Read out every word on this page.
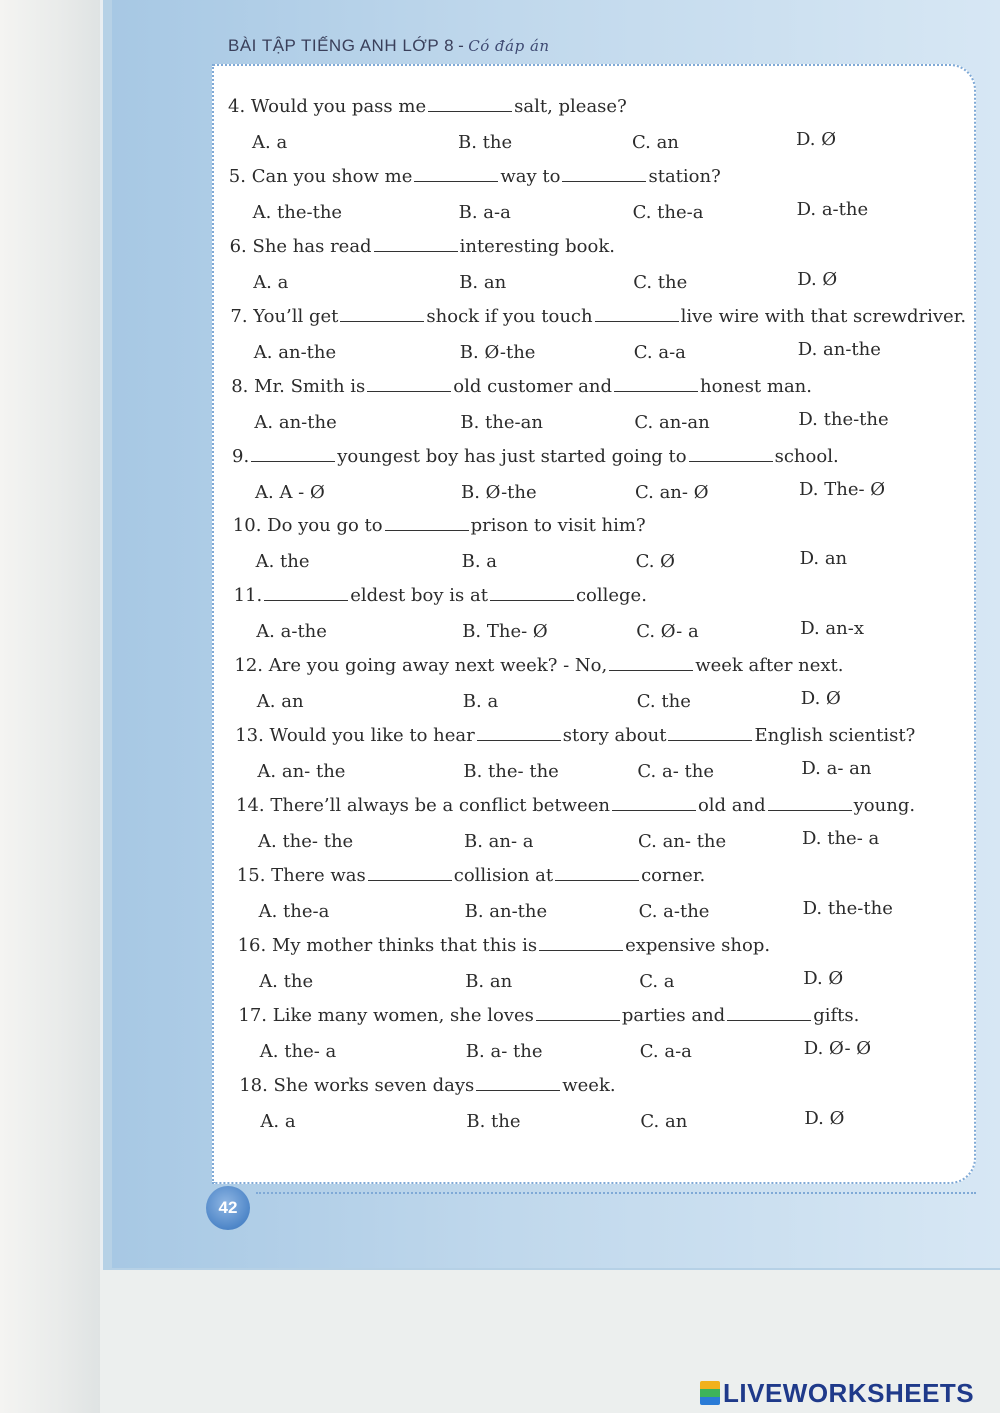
BÀI TẬP TIẾNG ANH LỚP 8 - Có đáp án
4. Would you pass me	salt, please?
A. a	B. the	C. an	D. Ø
5. Can you show me	way to	station?
A. the-the	B. a-a	C. the-a	D. a-the
6. She has read	interesting book.
A. a	B. an	C. the	D. Ø
7. You’ll get	shock if you touch	live wire with that screwdriver.
A. an-the	B. Ø-the	C. a-a	D. an-the
8. Mr. Smith is	old customer and	honest man.
A. an-the	B. the-an	C. an-an	D. the-the
9.	youngest boy has just started going to	school.
A. A - Ø	B. Ø-the	C. an- Ø	D. The- Ø
10. Do you go to	prison to visit him?
A. the	B. a	C. Ø	D. an
11.	eldest boy is at	college.
A. a-the	B. The- Ø	C. Ø- a	D. an-x
12. Are you going away next week? - No,	week after next.
A. an	B. a	C. the	D. Ø
13. Would you like to hear	story about	English scientist?
A. an- the	B. the- the	C. a- the	D. a- an
14. There’ll always be a conflict between	old and	young.
A. the- the	B. an- a	C. an- the	D. the- a
15. There was	collision at	corner.
A. the-a	B. an-the	C. a-the	D. the-the
16. My mother thinks that this is	expensive shop.
A. the	B. an	C. a	D. Ø
17. Like many women, she loves	parties and	gifts.
A. the- a	B. a- the	C. a-a	D. Ø- Ø
18. She works seven days	week.
A. a	B. the	C. an	D. Ø
42
LIVEWORKSHEETS
